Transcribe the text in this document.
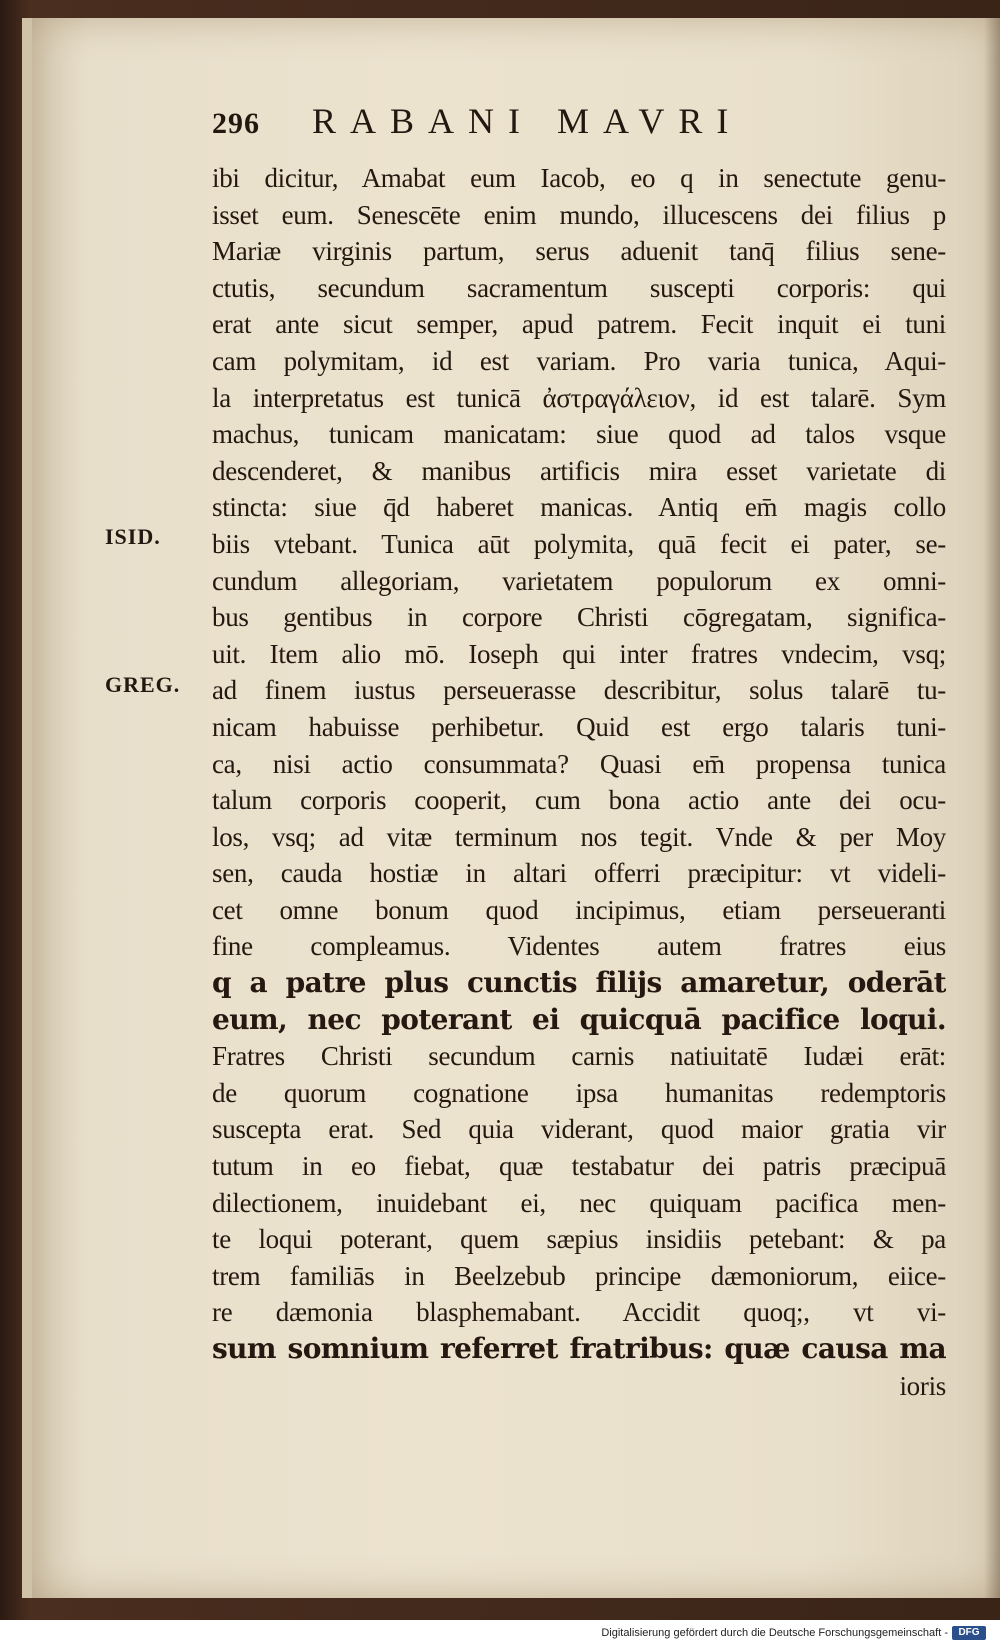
296	RABANI MAVRI
ISID.
GREG.
ibi dicitur, Amabat eum Iacob, eo q in senectute genu-
isset eum. Senescēte enim mundo, illucescens dei filius p
Mariæ virginis partum, serus aduenit tanq̄ filius sene-
ctutis, secundum sacramentum suscepti corporis: qui
erat ante sicut semper, apud patrem. Fecit inquit ei tuni
cam polymitam, id est variam. Pro varia tunica, Aqui-
la interpretatus est tunicā ἀστραγάλειον, id est talarē. Sym
machus, tunicam manicatam: siue quod ad talos vsque
descenderet, & manibus artificis mira esset varietate di
stincta: siue q̄d haberet manicas. Antiq em̄ magis collo
biis vtebant. Tunica aūt polymita, quā fecit ei pater, se-
cundum allegoriam, varietatem populorum ex omni-
bus gentibus in corpore Christi cōgregatam, significa-
uit. Item alio mō. Ioseph qui inter fratres vndecim, vsq;
ad finem iustus perseuerasse describitur, solus talarē tu-
nicam habuisse perhibetur. Quid est ergo talaris tuni-
ca, nisi actio consummata? Quasi em̄ propensa tunica
talum corporis cooperit, cum bona actio ante dei ocu-
los, vsq; ad vitæ terminum nos tegit. Vnde & per Moy
sen, cauda hostiæ in altari offerri præcipitur: vt videli-
cet omne bonum quod incipimus, etiam perseueranti
fine compleamus. Videntes autem fratres eius
q a patre plus cunctis filijs amaretur, oderāt
eum, nec poterant ei quicquā pacifice loqui.
Fratres Christi secundum carnis natiuitatē Iudæi erāt:
de quorum cognatione ipsa humanitas redemptoris
suscepta erat. Sed quia viderant, quod maior gratia vir
tutum in eo fiebat, quæ testabatur dei patris præcipuā
dilectionem, inuidebant ei, nec quiquam pacifica men-
te loqui poterant, quem sæpius insidiis petebant: & pa
trem familiās in Beelzebub principe dæmoniorum, eiice-
re dæmonia blasphemabant. Accidit quoq;, vt vi-
sum somnium referret fratribus: quæ causa ma
ioris
Digitalisierung gefördert durch die Deutsche Forschungsgemeinschaft -	DFG
